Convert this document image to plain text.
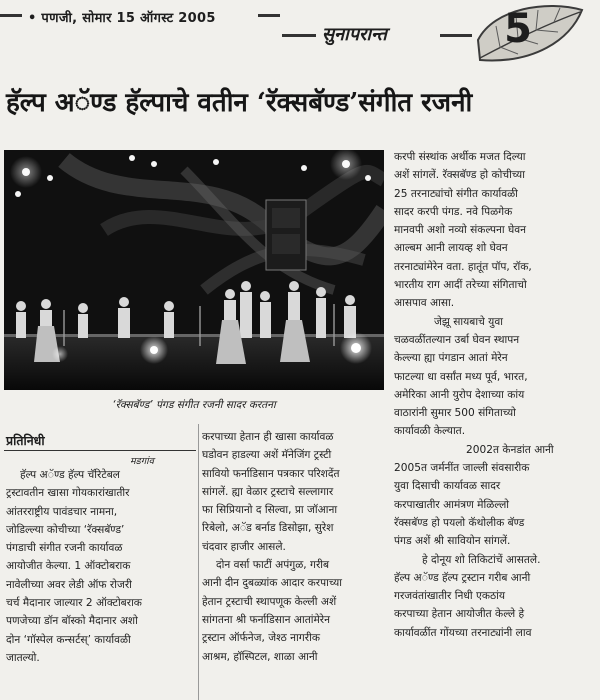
• पणजी, सोमार 15 ऑगस्ट 2005
सुनापरान्त	5
हॅल्प अॅण्ड हॅल्पाचे वतीन ‘रॅक्सबॅण्ड’संगीत रजनी
‘रॅक्सबॅण्ड’ पंगड संगीत रजनी सादर करतना
प्रतिनिधी
मडगांव

हॅल्प अॅण्ड हॅल्प चॅरिटेबल

ट्रस्टावतीन खासा गोयकारांखातीर

आंतरराष्ट्रीय पावंडचार नामना,

जोडिल्ल्या कोचीच्या ‘रॅक्सबॅण्ड’

पंगडाची संगीत रजनी कार्यावळ

आयोजीत केल्या. 1 ऑक्टोबराक

नावेलीच्या अवर लेडी ऑफ रोजरी

चर्च मैदानार जाल्यार 2 ऑक्टोबराक

पणजेच्या डॉन बॉस्को मैदानार अशो

दोन ‘गॉस्पेल कन्सर्टस्’ कार्यावळी

जातल्यो.

करपाच्या हेतान ही खासा कार्यावळ

घडोवन हाडल्या अशें मॅनेजिंग ट्रस्टी

सावियो फर्नाडिसान पत्रकार परिशदेंत

सांगलें. ह्या वेळार ट्रस्टाचे सल्लागार

फा सिप्रियानो द सिल्वा, प्रा जॉआना

रिबेलो, अॅड बर्नाड डिसोझा, सुरेश

चंदवार हाजीर आसले.

दोन वर्सा फाटीं अपंगुळ, गरीब

आनी दीन दुबळ्यांक आदार करपाच्या

हेतान ट्रस्टाची स्थापणूक केल्ली अशें

सांगतना श्री फर्नाडिसान आतांमेरेन

ट्रस्टान ऑर्फनेज, जेश्ठ नागरीक

आश्रम, हॉस्पिटल, शाळा आनी

करपी संस्थांक अर्थीक मजत दिल्या

अशें सांगलें. रॅक्सबॅण्ड हो कोचीच्या

25 तरनाट्यांचो संगीत कार्यावळी

सादर करपी पंगड. नवे पिळगेक

मानवपी अशो नव्यो संकल्पना घेवन

आल्बम आनी लायव्ह शो घेवन

तरनाट्यांमेरेन वता. हातूंत पॉप, रॉक,

भारतीय राग आदीं तरेच्या संगिताचो

आसपाव आसा.

जेझू सायबाचे युवा

चळवळींतल्यान उर्बा घेवन स्थापन

केल्ल्या ह्या पंगडान आतां मेरेन

फाटल्या धा वर्सांत मध्य पूर्व, भारत,

अमेरिका आनी युरोप देशाच्या कांय

वाठारांनी सुमार 500 संगिताच्यो

कार्यावळी केल्यात.

2002त केनडांत आनी

2005त जर्मनींत जाल्ली संवसारीक

युवा दिसाची कार्यावळ सादर

करपाखातीर आमंत्रण मेळिल्लो

रॅक्सबॅण्ड हो पयलो कॅथोलीक बॅण्ड

पंगड अशें श्री सावियोन सांगलें.

हे दोनूय शो तिकिटांचें आसतले.

हॅल्प अॅण्ड हॅल्प ट्रस्टान गरीब आनी

गरजवंतांखातीर निधी एकठांय

करपाच्या हेतान आयोजीत केल्ले हे

कार्यावळींत गोंयच्या तरनाट्यांनी लाव
